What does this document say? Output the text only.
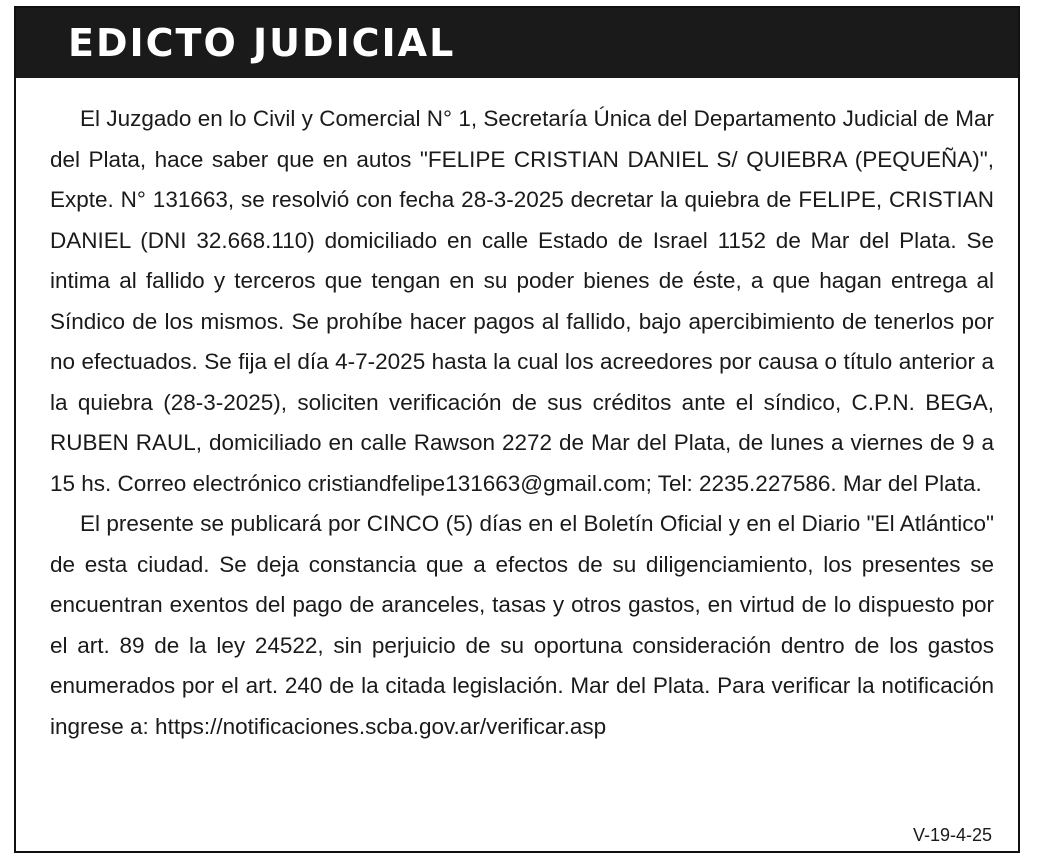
EDICTO JUDICIAL

El Juzgado en lo Civil y Comercial N° 1, Secretaría Única del Departamento Judicial de Mar del Plata, hace saber que en autos "FELIPE CRISTIAN DANIEL S/ QUIEBRA (PEQUEÑA)", Expte. N° 131663, se resolvió con fecha 28-3-2025 decretar la quiebra de FELIPE, CRISTIAN DANIEL (DNI 32.668.110) domiciliado en calle Estado de Israel 1152 de Mar del Plata. Se intima al fallido y terceros que tengan en su poder bienes de éste, a que hagan entrega al Síndico de los mismos. Se prohíbe hacer pagos al fallido, bajo apercibimiento de tenerlos por no efectuados. Se fija el día 4-7-2025 hasta la cual los acreedores por causa o título anterior a la quiebra (28-3-2025), soliciten verificación de sus créditos ante el síndico, C.P.N. BEGA, RUBEN RAUL, domiciliado en calle Rawson 2272 de Mar del Plata, de lunes a viernes de 9 a 15 hs. Correo electrónico cristiandfelipe131663@gmail.com; Tel: 2235.227586. Mar del Plata.

El presente se publicará por CINCO (5) días en el Boletín Oficial y en el Diario "El Atlántico" de esta ciudad. Se deja constancia que a efectos de su diligenciamiento, los presentes se encuentran exentos del pago de aranceles, tasas y otros gastos, en virtud de lo dispuesto por el art. 89 de la ley 24522, sin perjuicio de su oportuna consideración dentro de los gastos enumerados por el art. 240 de la citada legislación. Mar del Plata. Para verificar la notificación ingrese a: https://notificaciones.scba.gov.ar/verificar.asp

V-19-4-25
